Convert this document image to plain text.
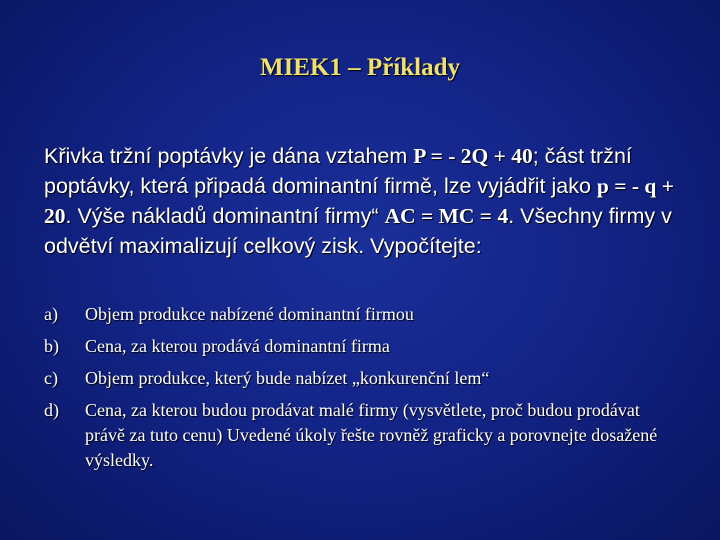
MIEK1 – Příklady
Křivka tržní poptávky je dána vztahem P = - 2Q + 40; část tržní poptávky, která připadá dominantní firmě, lze vyjádřit jako p = - q + 20. Výše nákladů dominantní firmy“ AC = MC = 4. Všechny firmy v odvětví maximalizují celkový zisk. Vypočítejte:
a)	Objem produkce nabízené dominantní firmou
b)	Cena, za kterou prodává dominantní firma
c)	Objem produkce, který bude nabízet „konkurenční lem“
d)	Cena, za kterou budou prodávat malé firmy (vysvětlete, proč budou prodávat právě za tuto cenu) Uvedené úkoly řešte rovněž graficky a porovnejte dosažené výsledky.
